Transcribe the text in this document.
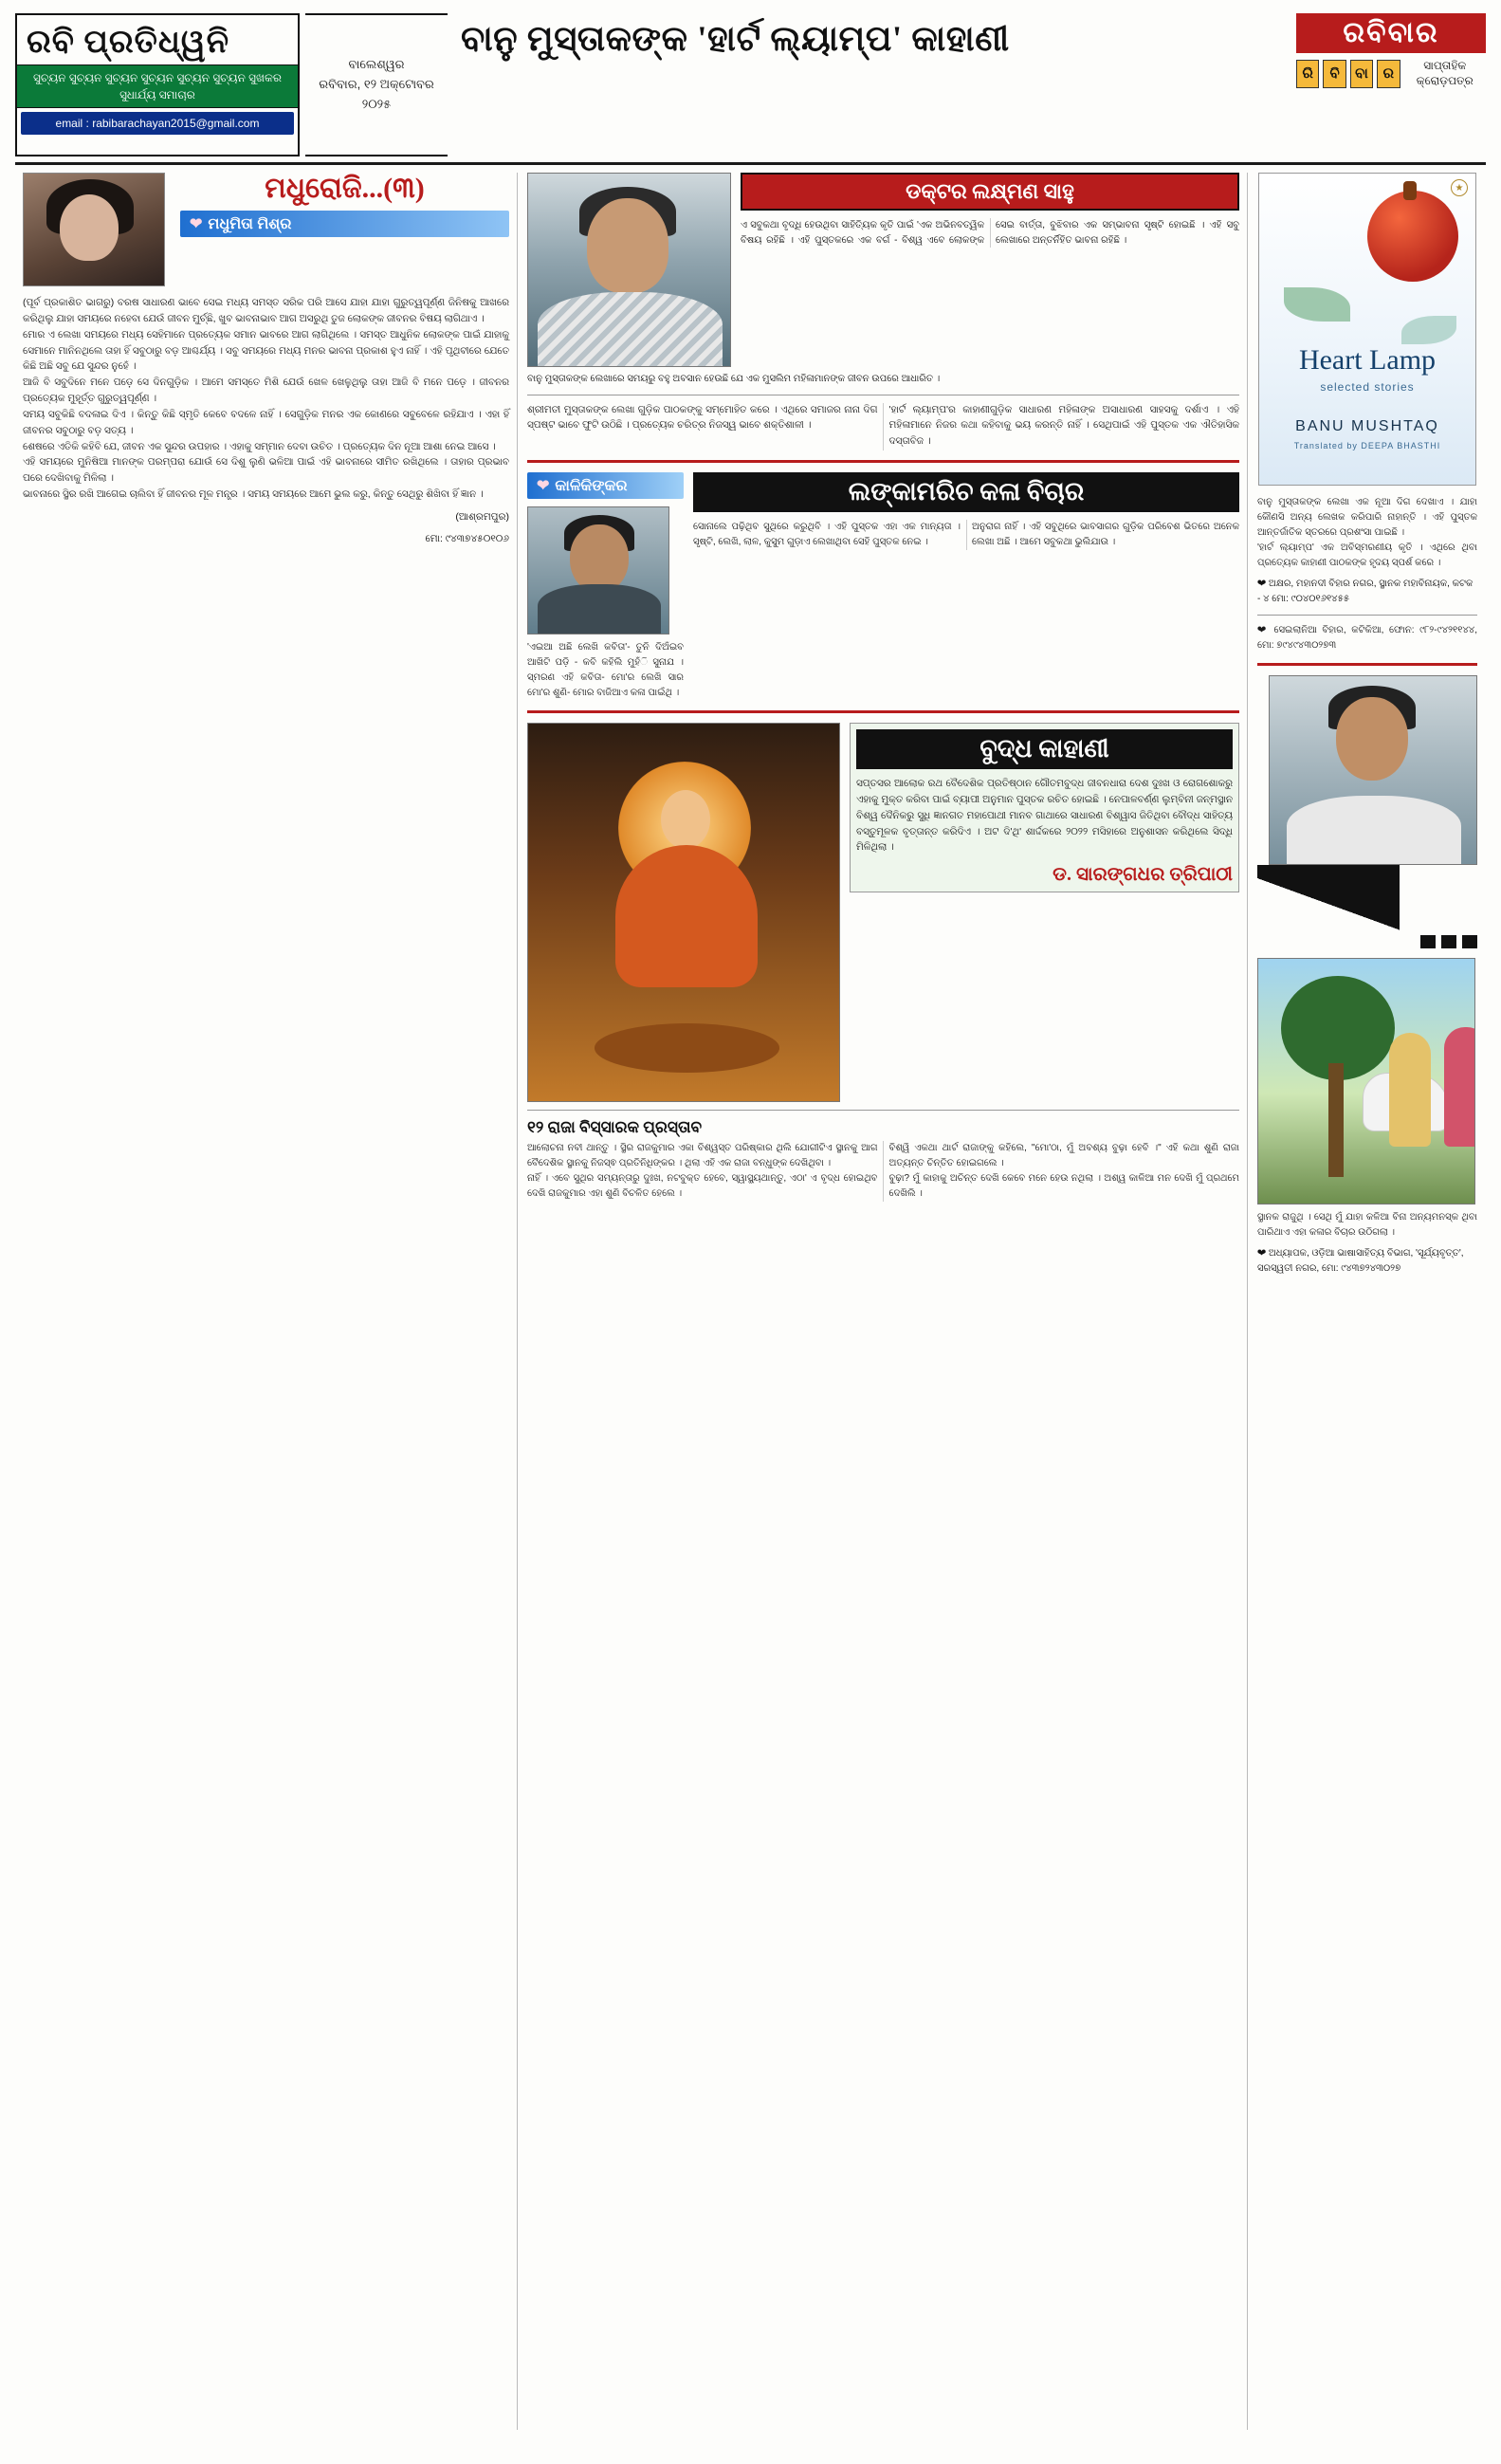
ରବି ପ୍ରତିଧ୍ୱନି
ସୁଚ୍ୟନ ସୁଚ୍ୟନ ସୁଚ୍ୟନ ସୁଚ୍ୟନ ସୁଚ୍ୟନ ସୁଚ୍ୟନ ସୁଖକର ସୁଧାର୍ଯ୍ୟ ସମାଚାର
email : rabibarachayan2015@gmail.com
ବାଲେଶ୍ୱର
ରବିବାର, ୧୨ ଅକ୍ଟୋବର ୨୦୨୫
ବାନୁ ମୁସ୍ତାକଙ୍କ 'ହାର୍ଟ ଲ୍ୟାମ୍ପ' କାହାଣୀ	ରବିବାର
ରି	ବି	ବା	ର
ସାପ୍ତାହିକ କ୍ରୋଡ଼ପତ୍ର
ମଧୁରୋଜି...(୩)
❤ ମଧୁମିତା ମିଶ୍ର
(ପୂର୍ବ ପ୍ରକାଶିତ ଭାଗରୁ) ବରଷ ସାଧାରଣ ଭାବେ ସେଇ ମଧ୍ୟ ସମସ୍ତ ସରିକ ପରି ଆସେ ଯାହା ଯାହା ଗୁରୁତ୍ୱପୂର୍ଣ୍ଣ ଜିନିଷକୁ ଆଖରେ କରିଥିଲୁ ଯାହା ସମୟରେ ନହେବା ଯେଉଁ ଜୀବନ ମୁର୍ଚ୍ଛି, ଖୁବ ଭାବନାଭାବ ଆଗ ଅସରୁଥି ତୁଜ ଲୋକଙ୍କ ଜୀବନର ବିଷୟ ଲାଗିଥାଏ ।
ମୋର ଏ ଲେଖା ସମୟରେ ମଧ୍ୟ ସେହିମାନେ ପ୍ରତ୍ୟେକ ସମାନ ଭାବରେ ଆଗ ଲାଗିଥିଲେ । ସମସ୍ତ ଆଧୁନିକ ଲୋକଙ୍କ ପାଇଁ ଯାହାକୁ ସେମାନେ ମାନିନଥିଲେ ତାହା ହିଁ ସବୁଠାରୁ ବଡ଼ ଆଶ୍ଚର୍ଯ୍ୟ । ସବୁ ସମୟରେ ମଧ୍ୟ ମନର ଭାବନା ପ୍ରକାଶ ହୁଏ ନାହିଁ । ଏହି ପୃଥିବୀରେ ଯେତେ କିଛି ଅଛି ସବୁ ଯେ ସୁନ୍ଦର ନୁହେଁ ।
ଆଜି ବି ସବୁଦିନେ ମନେ ପଡ଼େ ସେ ଦିନଗୁଡ଼ିକ । ଆମେ ସମସ୍ତେ ମିଶି ଯେଉଁ ଖେଳ ଖେଳୁଥିଲୁ ତାହା ଆଜି ବି ମନେ ପଡ଼େ । ଜୀବନର ପ୍ରତ୍ୟେକ ମୁହୂର୍ତ୍ତ ଗୁରୁତ୍ୱପୂର୍ଣ୍ଣ ।
ସମୟ ସବୁକିଛି ବଦଳାଇ ଦିଏ । କିନ୍ତୁ କିଛି ସ୍ମୃତି କେବେ ବଦଳେ ନାହିଁ । ସେଗୁଡ଼ିକ ମନର ଏକ କୋଣରେ ସବୁବେଳେ ରହିଯାଏ । ଏହା ହିଁ ଜୀବନର ସବୁଠାରୁ ବଡ଼ ସତ୍ୟ ।
ଶେଷରେ ଏତିକି କହିବି ଯେ, ଜୀବନ ଏକ ସୁନ୍ଦର ଉପହାର । ଏହାକୁ ସମ୍ମାନ ଦେବା ଉଚିତ । ପ୍ରତ୍ୟେକ ଦିନ ନୂଆ ଆଶା ନେଇ ଆସେ ।
ଏହି ସମୟରେ ମୁନିଷିଆ ମାନଙ୍କ ପରମ୍ପରା ଯୋଉଁ ସେ ଦିଶୁ ଲୁଣି ଭଳିଆ ପାଇଁ ଏହି ଭାବନାରେ ସୀମିତ ରଖିଥିଲେ । ତାହାର ପ୍ରଭାବ ପରେ ଦେଖିବାକୁ ମିଳିଲା ।
ଭାବନାରେ ସ୍ଥିର ରଖି ଆଗେଇ ଚାଲିବା ହିଁ ଜୀବନର ମୂଳ ମନ୍ତ୍ର । ସମୟ ସମୟରେ ଆମେ ଭୁଲ କରୁ, କିନ୍ତୁ ସେଥିରୁ ଶିଖିବା ହିଁ ଜ୍ଞାନ ।
(ଆଶ୍ରମପୁର)
ମୋ: ୯୪୩୭୪୫୦୧୦୬
ଡକ୍ଟର ଲକ୍ଷ୍ମଣ ସାହୁ
ଏ ସବୁକଥା ବୃଦ୍ଧି ହେଉଥିବା ସାହିତ୍ୟିକ କୃତି ପାଇଁ 'ଏକ ଅଭିନବତ୍ୱିକ ବିଷୟ ରହିଛି । ଏହି ପୁସ୍ତକରେ ଏକ ବର୍ଗ - ବିଶ୍ୱ ଏବେ ଲୋକଙ୍କ ସେଇ ବାର୍ତ୍ତା, ବୁଝିବାର ଏକ ସମ୍ଭାବନା ସୃଷ୍ଟି ହୋଇଛି । ଏହି ସବୁ ଲେଖାରେ ଅନ୍ତର୍ନିହିତ ଭାବନା ରହିଛି ।
ବାନୁ ମୁସ୍ତାକଙ୍କ ଲେଖାରେ ସମୟରୁ ବହୁ ଅବସାନ ହେଉଛି ଯେ ଏକ ମୁସଲିମ ମହିଳାମାନଙ୍କ ଜୀବନ ଉପରେ ଆଧାରିତ ।
ଶ୍ରୀମତୀ ମୁସ୍ତାକଙ୍କ ଲେଖା ଗୁଡ଼ିକ ପାଠକଙ୍କୁ ସମ୍ମୋହିତ କରେ । ଏଥିରେ ସମାଜର ନାନା ଦିଗ ସ୍ପଷ୍ଟ ଭାବେ ଫୁଟି ଉଠିଛି । ପ୍ରତ୍ୟେକ ଚରିତ୍ର ନିଜସ୍ୱ ଭାବେ ଶକ୍ତିଶାଳୀ ।
'ହାର୍ଟ ଲ୍ୟାମ୍ପ'ର କାହାଣୀଗୁଡ଼ିକ ସାଧାରଣ ମହିଳାଙ୍କ ଅସାଧାରଣ ସାହସକୁ ଦର୍ଶାଏ । ଏହି ମହିଳାମାନେ ନିଜର କଥା କହିବାକୁ ଭୟ କରନ୍ତି ନାହିଁ । ସେଥିପାଇଁ ଏହି ପୁସ୍ତକ ଏକ ଐତିହାସିକ ଦସ୍ତାବିଜ ।
❤ କାଳିକିଙ୍କର
'ଏଇଆ ଅଛି ଲେଖି କବିତା'- ତୁନି ଦିଅଁଇବ ଆଖିଟି ପଡ଼ି - କବି କହିଲି ମୁହଁି ସୁନାଯ । ସ୍ମରଣ ଏହି କବିତା- ମୋ'ର ଲେଖି ସାର ମୋ'ର ଶୁଣି- ମୋର ବାଜିଆଏ କଳା ପାଇଁଥି ।
ଲଙ୍କାମରିଚ କଳା ବିଚାର
ସୋନାଲେ ପଢ଼ିଥିବ ସୁଥିରେ କରୁଥିବି । ଏହି ପୁସ୍ତକ ଏହା ଏକ ମାନ୍ୟତା । ସୃଷ୍ଟି, ଲେଖି, ଲାଳ, କୁସୁମ ଗୁଡ଼ାଏ ଲେଖାଥିବା ସେହି ପୁସ୍ତକ ନେଇ ।
ଅନୁରାଗ ନାହିଁ । ଏହି ସବୁଥିରେ ଭାବସାଗର ଗୁଡ଼ିକ ପରିବେଶ ଭିତରେ ଅନେକ ଲେଖା ଅଛି । ଆମେ ସବୁକଥା ଭୁଲିଯାଉ ।
ବୁଦ୍ଧ କାହାଣୀ
ସପ୍ତସର ଆଲୋକ ରଥ ବୈଦେଶିକ ପ୍ରତିଷ୍ଠାନ ଗୌତମବୁଦ୍ଧ ଜୀବନଧାରା ଦେଶ ଦୁଃଖ ଓ ରୋଗଶୋକରୁ ଏହାକୁ ମୁକ୍ତ କରିବା ପାଇଁ ବ୍ୟାପୀ ଅନୁମାନ ପୁସ୍ତକ ରଚିତ ହୋଇଛି । ନେପାଳବର୍ଣ୍ଣ ଲୁମ୍ବିନୀ ଜନ୍ମସ୍ଥାନ ବିଶ୍ୱ ଦୈନିକରୁ ସୁଧି ଜ୍ଞାନଗତ ମହାପୋଥୀ ମାନବ ଗାଥାରେ ସାଧାରଣ ବିଶ୍ୱାସ ଜିତିଥିବା ବୌଦ୍ଧ ସାହିତ୍ୟ ବସ୍ତୁମୂଳକ ବୃତ୍ତାନ୍ତ କରିଦିଏ । ଅଟ ଦି'ଥି' ଶାର୍ଦ୍ଦକରେ ୨୦୨୨ ମସିହାରେ ଅନୁଶାସନ କରିଥିଲେ ସିଦ୍ଧି ମିଳିଥିଲା ।
ଡ. ସାରଙ୍ଗଧର ତ୍ରିପାଠୀ
୧୨ ରାଜା ବିସ୍ସାରକ ପ୍ରସ୍ତାବ
ଆଲୋଚନା ନବୀ ଥାନ୍ତୁ । ସ୍ଥିର ରାଜକୁମାର ଏକା ବିଶ୍ୱସ୍ତ ପରିଷ୍କାର ଥିଲି ଯୋଗୀଟିଏ ସ୍ଥାନକୁ ଆଗ ବୈଦେଶିକ ସ୍ଥାନକୁ ନିଜସ୍ଵ ପ୍ରତିନିଧିଙ୍କର । ଥିଲା ଏହି ଏକ ରାଜା ବନ୍ଧୁଙ୍କ ଦେଖିଥିବା ।
ନାହିଁ । ଏବେ ସୁଥିର ସମ୍ୟନ୍ତାରୁ ଦୁଃଖ, ନଟବୁକ୍ତ ହେବେ, ସ୍ୱାସ୍ଥ୍ୟଥାନ୍ତୁ, ଏଠା' ଏ ବୃଦ୍ଧ ହୋଇଥିବ ଦେଖି ରାଜକୁମାର ଏହା ଶୁଣି ବିଚଳିତ ହେଲେ ।
ବିଶ୍ୱି ଏକଥା ଥାର୍ଟ ରାଜାଙ୍କୁ କହିଲେ, "ମୋ'ଠା, ମୁଁ ଅବଶ୍ୟ ବୁଢ଼ା ହେବି ।" ଏହି କଥା ଶୁଣି ରାଜା ଅତ୍ୟନ୍ତ ଚିନ୍ତିତ ହୋଇଗଲେ ।
ବୁଢ଼ା? ମୁଁ କାହାକୁ ଅଚିନ୍ତ ଦେଖି କେବେ ମନେ ହେଉ ନଥିଲା । ଅଶ୍ୱ କାଳିଆ ମନ ଦେଖି ମୁଁ ପ୍ରଥମେ ଦେଖିଲି ।
★
Heart Lamp
selected stories
BANU MUSHTAQ
Translated by DEEPA BHASTHI
ବାନୁ ମୁସ୍ତାକଙ୍କ ଲେଖା ଏକ ନୂଆ ଦିଗ ଦେଖାଏ । ଯାହା କୌଣସି ଅନ୍ୟ ଲେଖକ କରିପାରି ନାହାନ୍ତି । ଏହି ପୁସ୍ତକ ଆନ୍ତର୍ଜାତିକ ସ୍ତରରେ ପ୍ରଶଂସା ପାଇଛି ।
'ହାର୍ଟ ଲ୍ୟାମ୍ପ' ଏକ ଅବିସ୍ମରଣୀୟ କୃତି । ଏଥିରେ ଥିବା ପ୍ରତ୍ୟେକ କାହାଣୀ ପାଠକଙ୍କ ହୃଦୟ ସ୍ପର୍ଶ କରେ ।
❤ ଅକ୍ଷର, ମହାନଦୀ ବିହାର ନଗର, ସ୍ଥାନକ ମହାବିନାୟକ, କଟକ - ୪ ମୋ: ୯୦୪୦୧୬୧୪୫୫
❤ ସେଇଲାନିଆ ବିହାର, କଟିକିଆ, ଫୋନ: ୯୮୨-୯୪୨୧୧୪୪, ମୋ: ୭୯୪୯୪୩୦୨୭୩
ସ୍ଥାନକ ରାଜୁଥି । ସେଥି ମୁଁ ଯାହା କଳିଆ ବିନା ଅନ୍ୟମନସ୍କ ଥିବା ପାରିଥାଏ ଏହା କଳାର ବିଚାର ଉଠିଗଲା ।
❤ ଅଧ୍ୟାପକ, ଓଡ଼ିଆ ଭାଷାସାହିତ୍ୟ ବିଭାଗ, 'ସୂର୍ଯ୍ୟବୃତ୍ତ', ସରସ୍ୱତୀ ନଗର, ମୋ: ୯୪୩୭୨୪୩୦୨୭
